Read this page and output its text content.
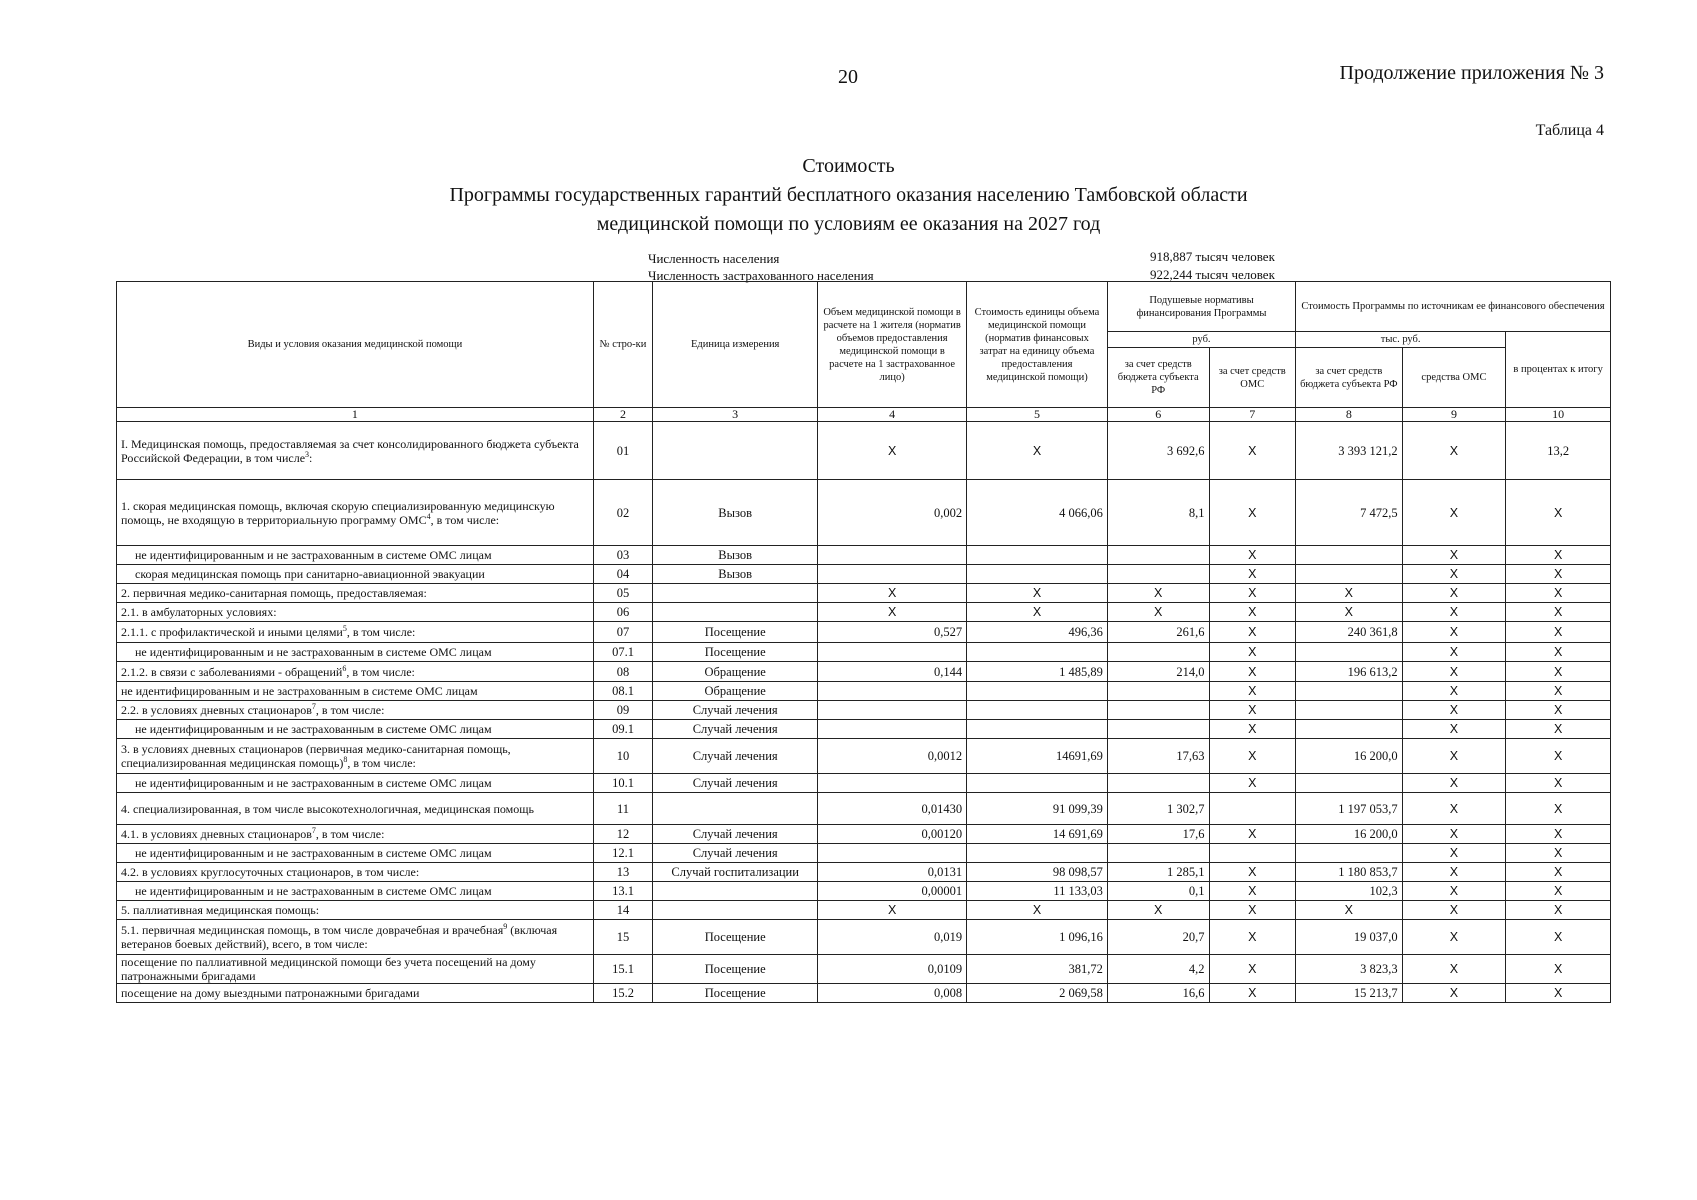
20	Продолжение приложения № 3
Таблица 4
Стоимость
Программы государственных гарантий бесплатного оказания населению Тамбовской области
медицинской помощи по условиям ее оказания на 2027 год
Численность населения	918,887 тысяч человек
Численность застрахованного населения	922,244 тысяч человек
Виды и условия оказания медицинской помощи	№ стро-ки	Единица измерения	Объем медицинской помощи в расчете на 1 жителя (норматив объемов предоставления медицинской помощи в расчете на 1 застрахованное лицо)	Стоимость единицы объема медицинской помощи (норматив финансовых затрат на единицу объема предоставления медицинской помощи)	Подушевые нормативы финансирования Программы		Стоимость Программы по источникам ее финансового обеспечения		
					руб.		тыс. руб.		в процентах к итогу
					за счет средств бюджета субъекта РФ	за счет средств ОМС	за счет средств бюджета субъекта РФ	средства ОМС	
1	2	3	4	5	6	7	8	9	10
I. Медицинская помощь, предоставляемая за счет консолидированного бюджета субъекта Российской Федерации, в том числе$^3$:	01		X	X	3 692,6	X	3 393 121,2	X	13,2
1. скорая медицинская помощь, включая скорую специализированную медицинскую помощь, не входящую в территориальную программу ОМС$^4$, в том числе:	02	Вызов	0,002	4 066,06	8,1	X	7 472,5	X	X
не идентифицированным и не застрахованным в системе ОМС лицам	03	Вызов				X		X	X
скорая медицинская помощь при санитарно-авиационной эвакуации	04	Вызов				X		X	X
2. первичная медико-санитарная помощь, предоставляемая:	05		X	X	X	X	X	X	X
2.1. в амбулаторных условиях:	06		X	X	X	X	X	X	X
2.1.1. с профилактической и иными целями$^5$, в том числе:	07	Посещение	0,527	496,36	261,6	X	240 361,8	X	X
не идентифицированным и не застрахованным в системе ОМС лицам	07.1	Посещение				X		X	X
2.1.2. в связи с заболеваниями - обращений$^6$, в том числе:	08	Обращение	0,144	1 485,89	214,0	X	196 613,2	X	X
не идентифицированным и не застрахованным в системе ОМС лицам	08.1	Обращение				X		X	X
2.2. в условиях дневных стационаров$^7$, в том числе:	09	Случай лечения				X		X	X
не идентифицированным и не застрахованным в системе ОМС лицам	09.1	Случай лечения				X		X	X
3. в условиях дневных стационаров (первичная медико-санитарная помощь, специализированная медицинская помощь)$^8$, в том числе:	10	Случай лечения	0,0012	14691,69	17,63	X	16 200,0	X	X
не идентифицированным и не застрахованным в системе ОМС лицам	10.1	Случай лечения				X		X	X
4. специализированная, в том числе высокотехнологичная, медицинская помощь	11		0,01430	91 099,39	1 302,7		1 197 053,7	X	X
4.1. в условиях дневных стационаров$^7$, в том числе:	12	Случай лечения	0,00120	14 691,69	17,6	X	16 200,0	X	X
не идентифицированным и не застрахованным в системе ОМС лицам	12.1	Случай лечения						X	X
4.2. в условиях круглосуточных стационаров, в том числе:	13	Случай госпитализации	0,0131	98 098,57	1 285,1	X	1 180 853,7	X	X
не идентифицированным и не застрахованным в системе ОМС лицам	13.1		0,00001	11 133,03	0,1	X	102,3	X	X
5. паллиативная медицинская помощь:	14		X	X	X	X	X	X	X
5.1. первичная медицинская помощь, в том числе доврачебная и врачебная$^9$ (включая ветеранов боевых действий), всего, в том числе:	15	Посещение	0,019	1 096,16	20,7	X	19 037,0	X	X
посещение по паллиативной медицинской помощи без учета посещений на дому патронажными бригадами	15.1	Посещение	0,0109	381,72	4,2	X	3 823,3	X	X
посещение на дому выездными патронажными бригадами	15.2	Посещение	0,008	2 069,58	16,6	X	15 213,7	X	X
